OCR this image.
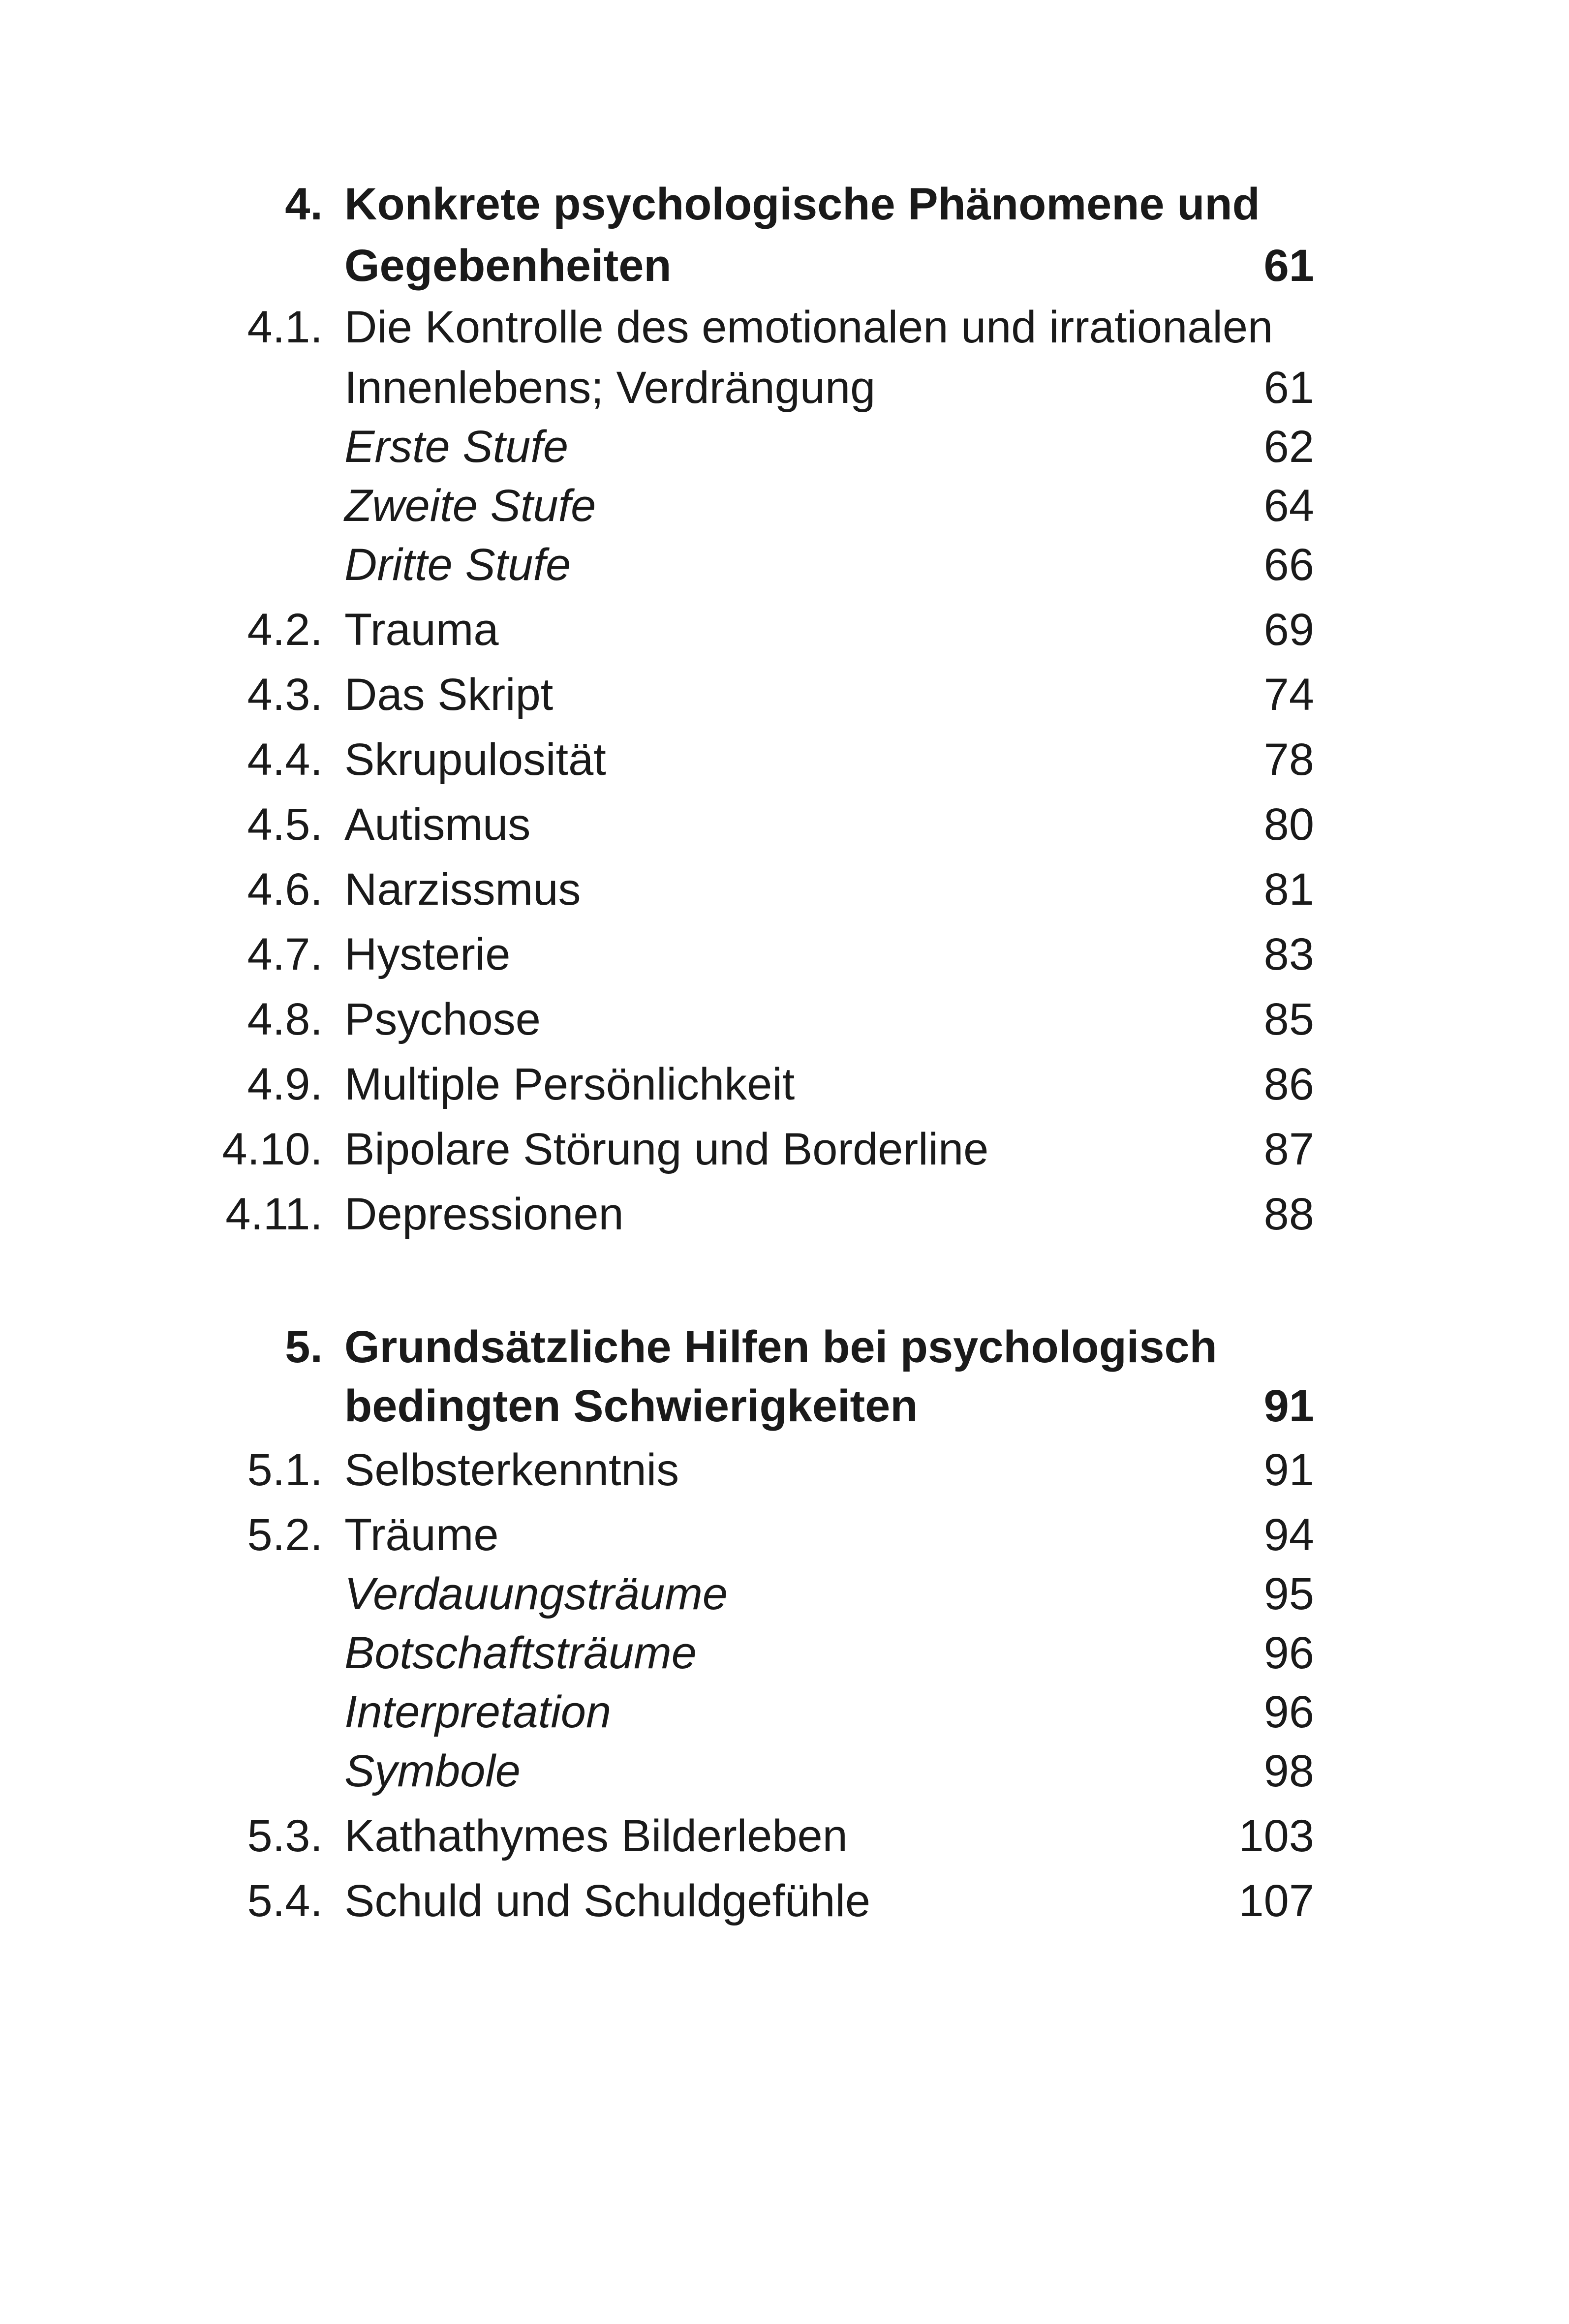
4. Konkrete psychologische Phänomene und
Gegebenheiten	61
4.1. Die Kontrolle des emotionalen und irrationalen
Innenlebens; Verdrängung	61
Erste Stufe	62
Zweite Stufe	64
Dritte Stufe	66
4.2. Trauma	69
4.3. Das Skript	74
4.4. Skrupulosität	78
4.5. Autismus	80
4.6. Narzissmus	81
4.7. Hysterie	83
4.8. Psychose	85
4.9. Multiple Persönlichkeit	86
4.10. Bipolare Störung und Borderline	87
4.11. Depressionen	88
5. Grundsätzliche Hilfen bei psychologisch
bedingten Schwierigkeiten	91
5.1. Selbsterkenntnis	91
5.2. Träume	94
Verdauungsträume	95
Botschaftsträume	96
Interpretation	96
Symbole	98
5.3. Kathathymes Bilderleben	103
5.4. Schuld und Schuldgefühle	107
